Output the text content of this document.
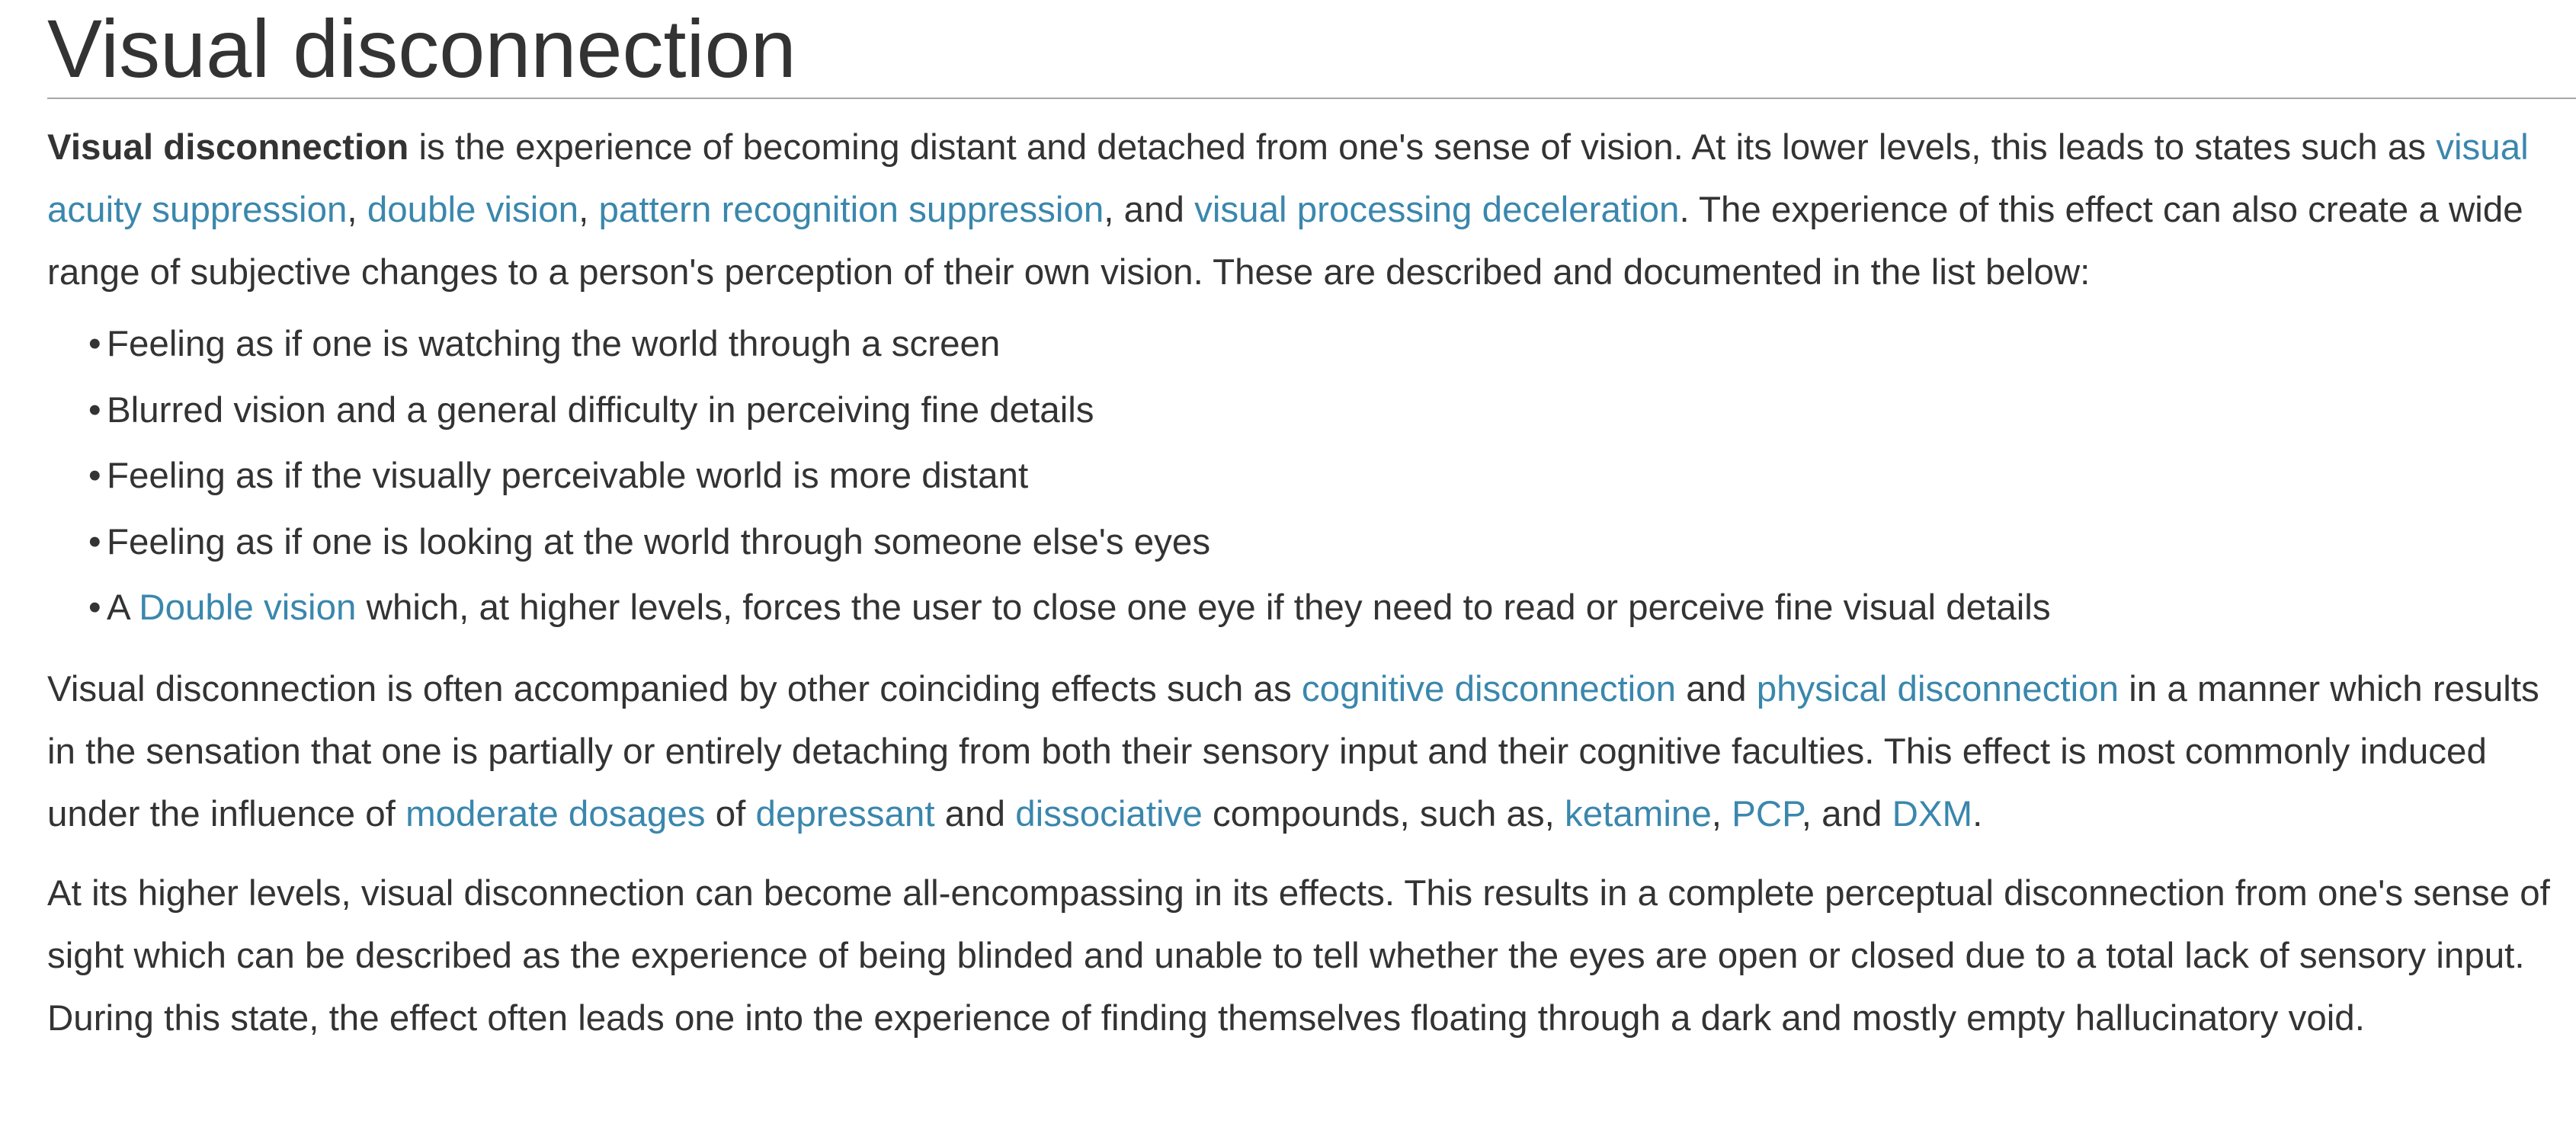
Visual disconnection

Visual disconnection is the experience of becoming distant and detached from one's sense of vision. At its lower levels, this leads to states such as visual acuity suppression, double vision, pattern recognition suppression, and visual processing deceleration. The experience of this effect can also create a wide range of subjective changes to a person's perception of their own vision. These are described and documented in the list below:

• Feeling as if one is watching the world through a screen
• Blurred vision and a general difficulty in perceiving fine details
• Feeling as if the visually perceivable world is more distant
• Feeling as if one is looking at the world through someone else's eyes
• A Double vision which, at higher levels, forces the user to close one eye if they need to read or perceive fine visual details

Visual disconnection is often accompanied by other coinciding effects such as cognitive disconnection and physical disconnection in a manner which results in the sensation that one is partially or entirely detaching from both their sensory input and their cognitive faculties. This effect is most commonly induced under the influence of moderate dosages of depressant and dissociative compounds, such as, ketamine, PCP, and DXM.

At its higher levels, visual disconnection can become all-encompassing in its effects. This results in a complete perceptual disconnection from one's sense of sight which can be described as the experience of being blinded and unable to tell whether the eyes are open or closed due to a total lack of sensory input. During this state, the effect often leads one into the experience of finding themselves floating through a dark and mostly empty hallucinatory void.
